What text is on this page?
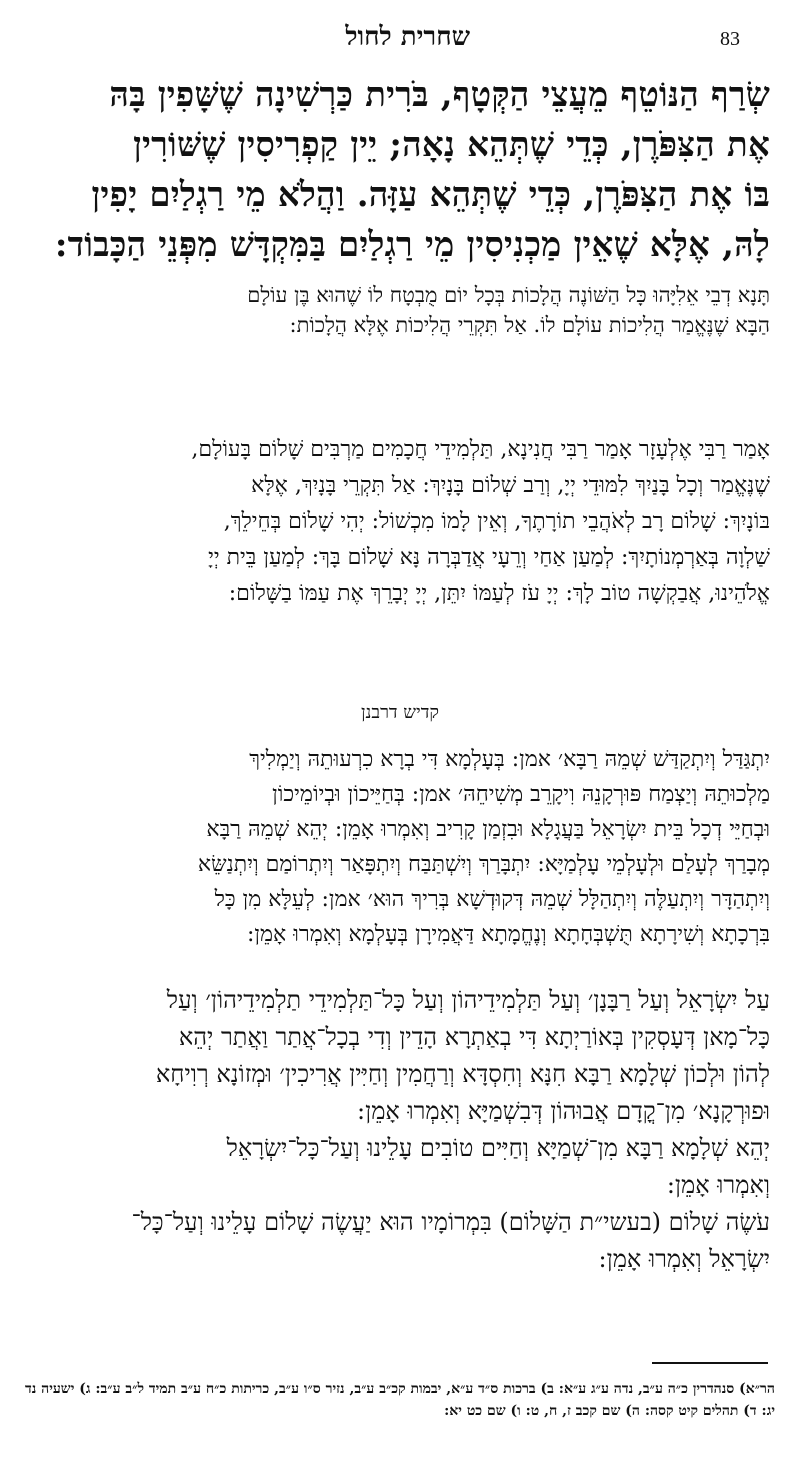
שחרית לחול	83
שְׂרַף הַנּוֹטֵף מֵעֲצֵי הַקְּטָף, בֹּרִית כַּרְשִׁינָה שֶׁשָּׁפִין בָּהּ
אֶת הַצִּפֹּרֶן, כְּדֵי שֶׁתְּהֵא נָאָה; יֵין קַפְרִיסִין שֶׁשּׁוֹרִין
בּוֹ אֶת הַצִּפֹּרֶן, כְּדֵי שֶׁתְּהֵא עַזָּה. וַהֲלֹא מֵי רַגְלַיִם יָפִין
לָהּ, אֶלָּא שֶׁאֵין מַכְנִיסִין מֵי רַגְלַיִם בַּמִּקְדָּשׁ מִפְּנֵי הַכָּבוֹד:
תָּנָא דְבֵי אֵלִיָּהוּ כָּל הַשּׁוֹנֶה הֲלָכוֹת בְּכָל יוֹם מֻבְטָח לוֹ שֶׁהוּא בֶּן עוֹלָם
הַבָּא שֶׁנֶּאֱמַר הֲלִיכוֹת עוֹלָם לוֹ. אַל תִּקְרֵי הֲלִיכוֹת אֶלָּא הֲלָכוֹת:
אָמַר רַבִּי אֶלְעָזָר אָמַר רַבִּי חֲנִינָא, תַּלְמִידֵי חֲכָמִים מַרְבִּים שָׁלוֹם בָּעוֹלָם,
שֶׁנֶּאֱמַר וְכָל בָּנַיִךְ לִמּוּדֵי יְיָ, וְרַב שְׁלוֹם בָּנָיִךְ: אַל תִּקְרֵי בָּנָיִךְ, אֶלָּא
בּוֹנָיִךְ: שָׁלוֹם רָב לְאֹהֲבֵי תוֹרָתֶךָ, וְאֵין לָמוֹ מִכְשׁוֹל: יְהִי שָׁלוֹם בְּחֵילֵךְ,
שַׁלְוָה בְּאַרְמְנוֹתָיִךְ: לְמַעַן אַחַי וְרֵעָי אֲדַבְּרָה נָּא שָׁלוֹם בָּךְ: לְמַעַן בֵּית יְיָ
אֱלֹהֵינוּ, אֲבַקְשָׁה טוֹב לָךְ: יְיָ עֹז לְעַמּוֹ יִתֵּן, יְיָ יְבָרֵךְ אֶת עַמּוֹ בַשָּׁלוֹם:
קדיש דרבנן
יִתְגַּדַּל וְיִתְקַדַּשׁ שְׁמֵהּ רַבָּא׳ אמן: בְּעָלְמָא דִּי בְרָא כִרְעוּתֵהּ וְיַמְלִיךְ
מַלְכוּתֵהּ וְיַצְמַח פּוּרְקָנֵהּ וִיקָרֵב מְשִׁיחֵהּ׳ אמן: בְּחַיֵּיכוֹן וּבְיוֹמֵיכוֹן
וּבְחַיֵּי דְכָל בֵּית יִשְׂרָאֵל בַּעֲגָלָא וּבִזְמַן קָרִיב וְאִמְרוּ אָמֵן: יְהֵא שְׁמֵהּ רַבָּא
מְבָרַךְ לְעָלַם וּלְעָלְמֵי עָלְמַיָּא: יִתְבָּרַךְ וְיִשְׁתַּבַּח וְיִתְפָּאַר וְיִתְרוֹמַם וְיִתְנַשֵּׂא
וְיִתְהַדָּר וְיִתְעַלֶּה וְיִתְהַלָּל שְׁמֵהּ דְּקוּדְשָׁא בְּרִיךְ הוּא׳ אמן: לְעֵלָּא מִן כָּל
בִּרְכָתָא וְשִׁירָתָא תֻּשְׁבְּחָתָא וְנֶחֱמָתָא דַּאֲמִירָן בְּעָלְמָא וְאִמְרוּ אָמֵן:
עַל יִשְׂרָאֵל וְעַל רַבָּנָן׳ וְעַל תַּלְמִידֵיהוֹן וְעַל כָּל־תַּלְמִידֵי תַלְמִידֵיהוֹן׳ וְעַל
כָּל־מָאן דְּעָסְקִין בְּאוֹרַיְתָא דִּי בְאַתְרָא הָדֵין וְדִי בְכָל־אֲתַר וַאֲתַר יְהֵא
לְהוֹן וּלְכוֹן שְׁלָמָא רַבָּא חִנָּא וְחִסְדָּא וְרַחֲמִין וְחַיִּין אֲרִיכִין׳ וּמְזוֹנָא רְוִיחָא
וּפוּרְקָנָא׳ מִן־קֳדָם אֲבוּהוֹן דְּבִשְׁמַיָּא וְאִמְרוּ אָמֵן:
יְהֵא שְׁלָמָא רַבָּא מִן־שְׁמַיָּא וְחַיִּים טוֹבִים עָלֵינוּ וְעַל־כָּל־יִשְׂרָאֵל
וְאִמְרוּ אָמֵן:
עֹשֶׂה שָׁלוֹם (בעשי״ת הַשָּׁלוֹם) בִּמְרוֹמָיו הוּא יַעֲשֶׂה שָׁלוֹם עָלֵינוּ וְעַל־כָּל־
יִשְׂרָאֵל וְאִמְרוּ אָמֵן:
הר״א) סנהדרין כ״ה ע״ב, נדה ע״ג ע״א: ב) ברכות ס״ד ע״א, יבמות קכ״ב ע״ב, נזיר ס״ו ע״ב, כריתות כ״ח ע״ב תמיד ל״ב ע״ב: ג) ישעיה נד יג: ד) תהלים קיט קסה: ה) שם קכב ז, ח, ט: ו) שם כט יא:
